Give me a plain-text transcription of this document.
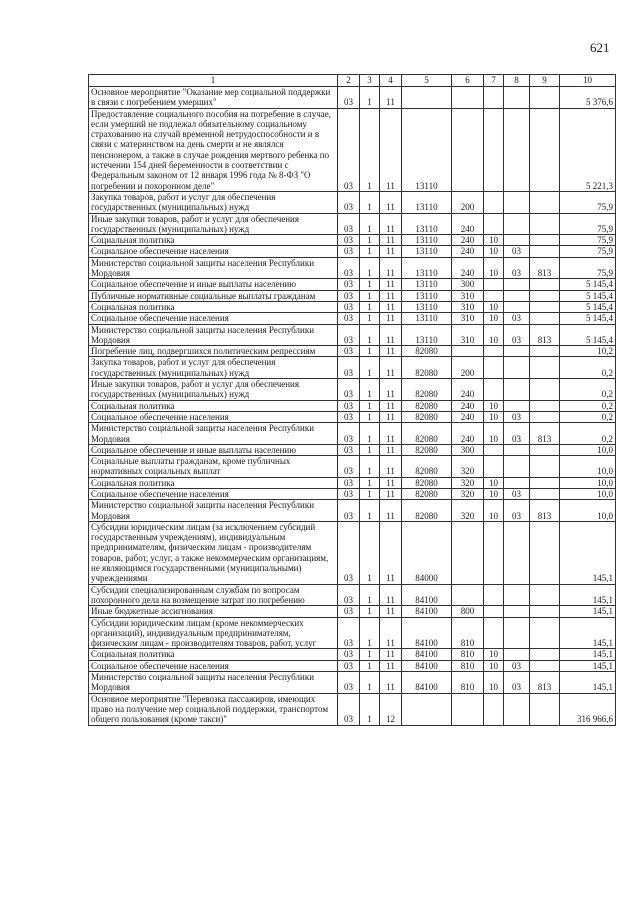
621
1	2	3	4	5	6	7	8	9	10
Основное мероприятие "Оказание мер социальной поддержки в связи с погребением умерших"	03	1	11						5 376,6
Предоставление социального пособия на погребение в случае, если умерший не подлежал обязательному социальному страхованию на случай временной нетрудоспособности и в связи с материнством на день смерти и не являлся пенсионером, а также в случае рождения мертвого ребенка по истечении 154 дней беременности в соответствии с Федеральным законом от 12 января 1996 года № 8-ФЗ "О погребении и похоронном деле"	03	1	11	13110					5 221,3
Закупка товаров, работ и услуг для обеспечения государственных (муниципальных) нужд	03	1	11	13110	200				75,9
Иные закупки товаров, работ и услуг для обеспечения государственных (муниципальных) нужд	03	1	11	13110	240				75,9
Социальная политика	03	1	11	13110	240	10			75,9
Социальное обеспечение населения	03	1	11	13110	240	10	03		75,9
Министерство социальной защиты населения Республики Мордовия	03	1	11	13110	240	10	03	813	75,9
Социальное обеспечение и иные выплаты населению	03	1	11	13110	300				5 145,4
Публичные нормативные социальные выплаты гражданам	03	1	11	13110	310				5 145,4
Социальная политика	03	1	11	13110	310	10			5 145,4
Социальное обеспечение населения	03	1	11	13110	310	10	03		5 145,4
Министерство социальной защиты населения Республики Мордовия	03	1	11	13110	310	10	03	813	5 145,4
Погребение лиц, подвергшихся политическим репрессиям	03	1	11	82080					10,2
Закупка товаров, работ и услуг для обеспечения государственных (муниципальных) нужд	03	1	11	82080	200				0,2
Иные закупки товаров, работ и услуг для обеспечения государственных (муниципальных) нужд	03	1	11	82080	240				0,2
Социальная политика	03	1	11	82080	240	10			0,2
Социальное обеспечение населения	03	1	11	82080	240	10	03		0,2
Министерство социальной защиты населения Республики Мордовия	03	1	11	82080	240	10	03	813	0,2
Социальное обеспечение и иные выплаты населению	03	1	11	82080	300				10,0
Социальные выплаты гражданам, кроме публичных нормативных социальных выплат	03	1	11	82080	320				10,0
Социальная политика	03	1	11	82080	320	10			10,0
Социальное обеспечение населения	03	1	11	82080	320	10	03		10,0
Министерство социальной защиты населения Республики Мордовия	03	1	11	82080	320	10	03	813	10,0
Субсидии юридическим лицам (за исключением субсидий государственным учреждениям), индивидуальным предпринимателям, физическим лицам - производителям товаров, работ, услуг, а также некоммерческим организациям, не являющимся государственными (муниципальными) учреждениями	03	1	11	84000					145,1
Субсидии специализированным службам по вопросам похоронного дела на возмещение затрат по погребению	03	1	11	84100					145,1
Иные бюджетные ассигнования	03	1	11	84100	800				145,1
Субсидии юридическим лицам (кроме некоммерческих организаций), индивидуальным предпринимателям, физическим лицам - производителям товаров, работ, услуг	03	1	11	84100	810				145,1
Социальная политика	03	1	11	84100	810	10			145,1
Социальное обеспечение населения	03	1	11	84100	810	10	03		145,1
Министерство социальной защиты населения Республики Мордовия	03	1	11	84100	810	10	03	813	145,1
Основное мероприятие "Перевозка пассажиров, имеющих право на получение мер социальной поддержки, транспортом общего пользования (кроме такси)"	03	1	12						316 966,6
